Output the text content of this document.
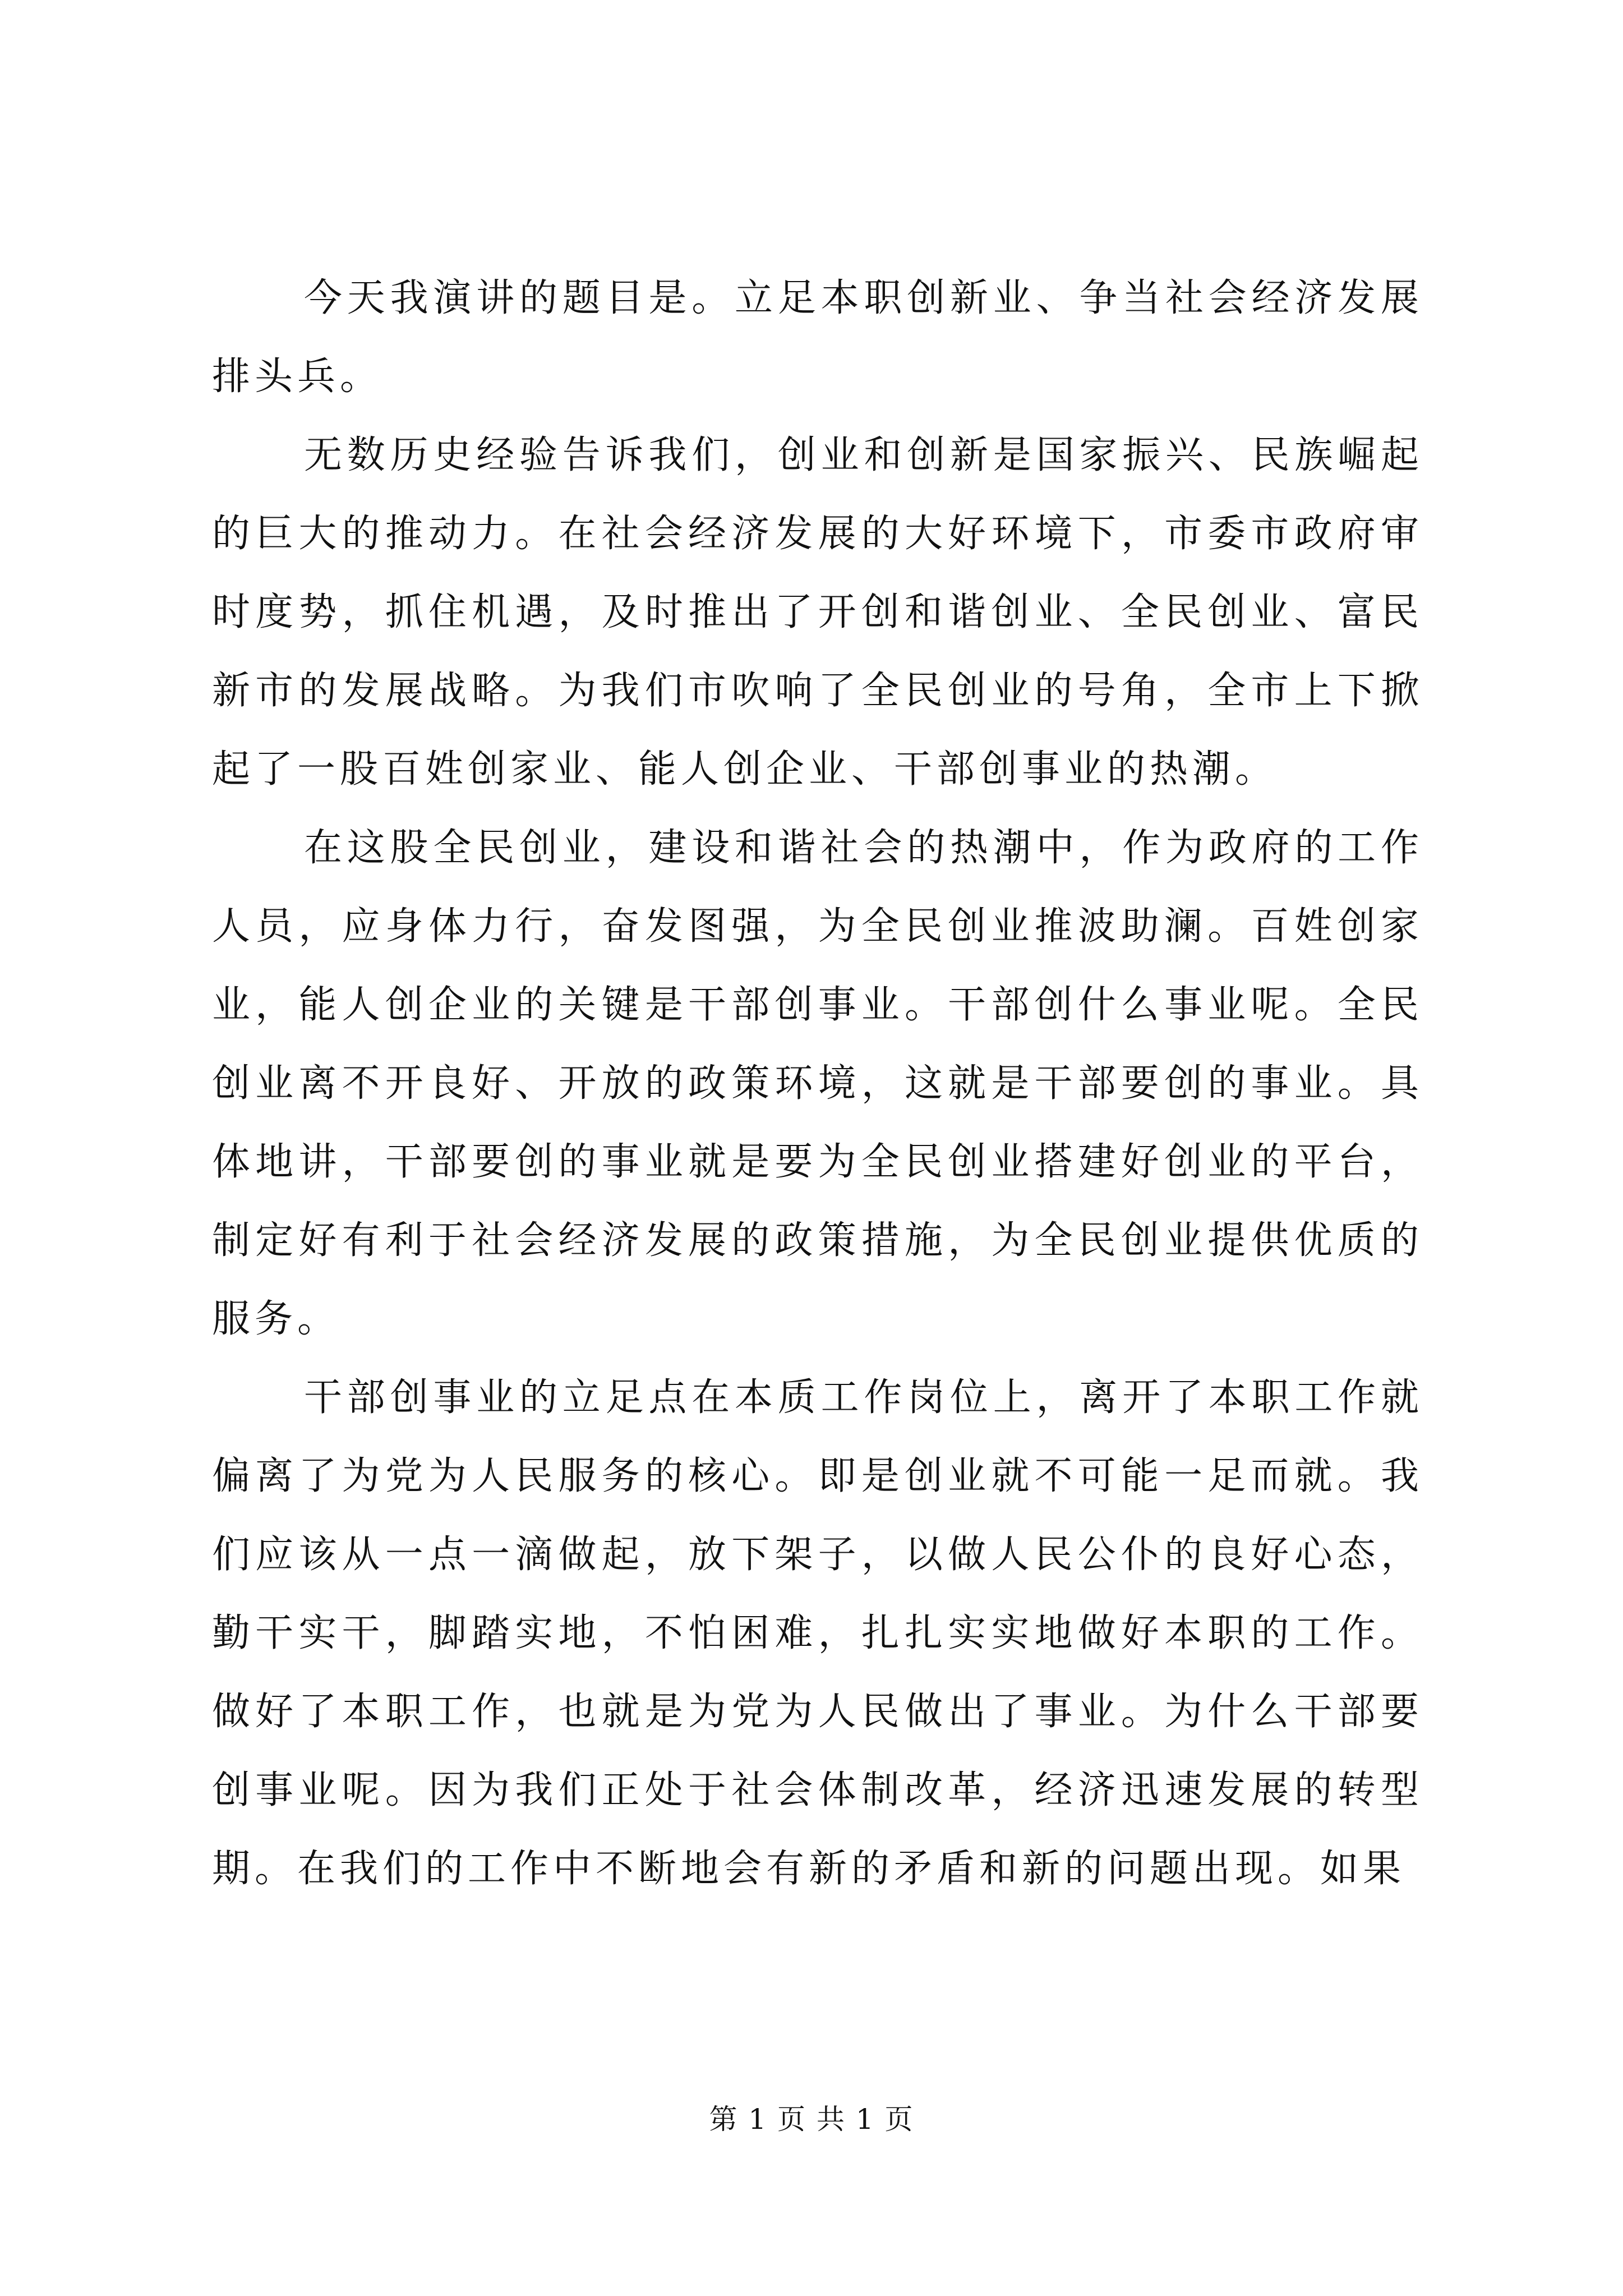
今天我演讲的题目是。立足本职创新业、争当社会经济发展排头兵。

无数历史经验告诉我们，创业和创新是国家振兴、民族崛起的巨大的推动力。在社会经济发展的大好环境下，市委市政府审时度势，抓住机遇，及时推出了开创和谐创业、全民创业、富民新市的发展战略。为我们市吹响了全民创业的号角，全市上下掀起了一股百姓创家业、能人创企业、干部创事业的热潮。

在这股全民创业，建设和谐社会的热潮中，作为政府的工作人员，应身体力行，奋发图强，为全民创业推波助澜。百姓创家业，能人创企业的关键是干部创事业。干部创什么事业呢。全民创业离不开良好、开放的政策环境，这就是干部要创的事业。具体地讲，干部要创的事业就是要为全民创业搭建好创业的平台，制定好有利于社会经济发展的政策措施，为全民创业提供优质的服务。

干部创事业的立足点在本质工作岗位上，离开了本职工作就偏离了为党为人民服务的核心。即是创业就不可能一足而就。我们应该从一点一滴做起，放下架子，以做人民公仆的良好心态，勤干实干，脚踏实地，不怕困难，扎扎实实地做好本职的工作。做好了本职工作，也就是为党为人民做出了事业。为什么干部要创事业呢。因为我们正处于社会体制改革，经济迅速发展的转型期。在我们的工作中不断地会有新的矛盾和新的问题出现。如果

第 1 页 共 1 页
